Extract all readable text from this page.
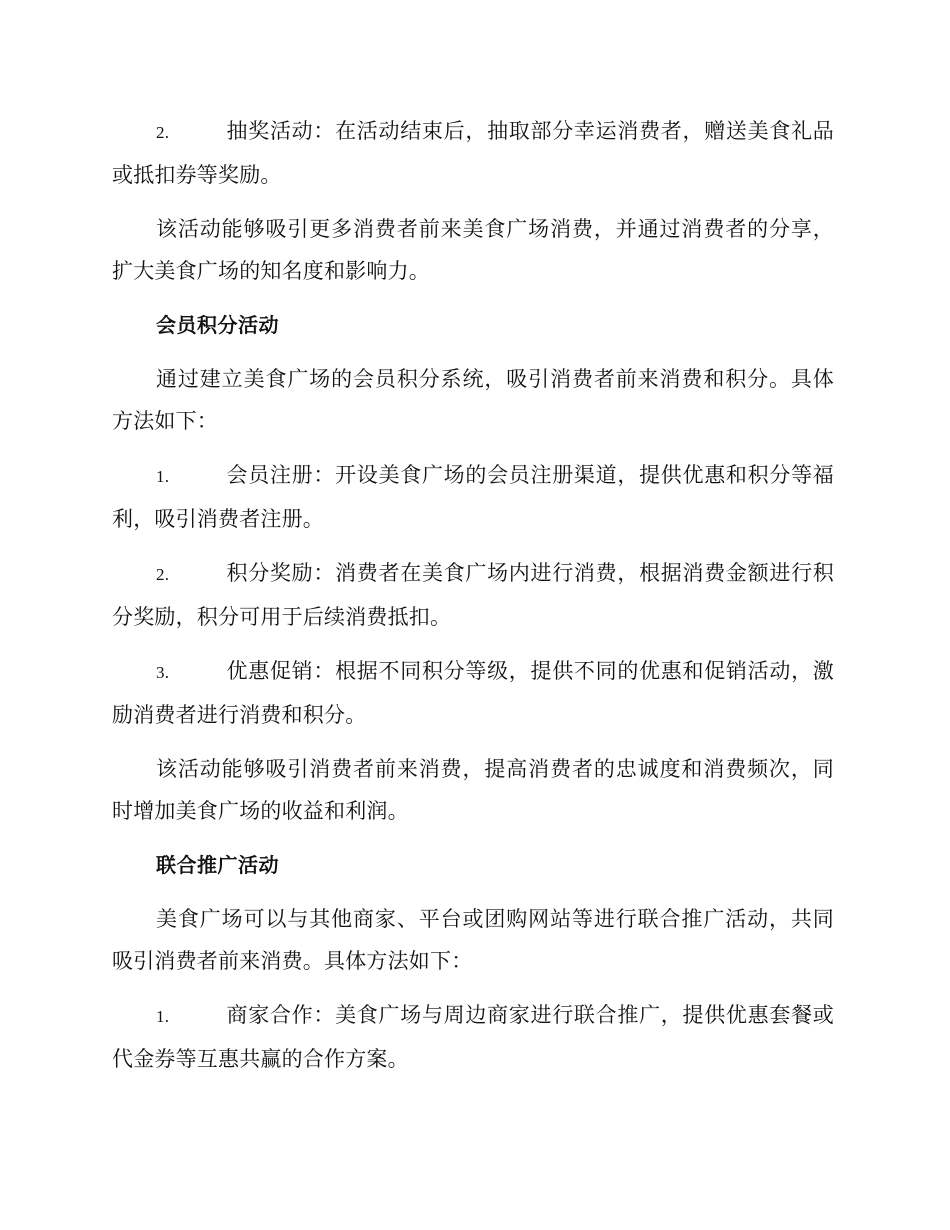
2.	抽奖活动：在活动结束后，抽取部分幸运消费者，赠送美食礼品或抵扣券等奖励。

该活动能够吸引更多消费者前来美食广场消费，并通过消费者的分享，扩大美食广场的知名度和影响力。

会员积分活动

通过建立美食广场的会员积分系统，吸引消费者前来消费和积分。具体方法如下：

1.	会员注册：开设美食广场的会员注册渠道，提供优惠和积分等福利，吸引消费者注册。

2.	积分奖励：消费者在美食广场内进行消费，根据消费金额进行积分奖励，积分可用于后续消费抵扣。

3.	优惠促销：根据不同积分等级，提供不同的优惠和促销活动，激励消费者进行消费和积分。

该活动能够吸引消费者前来消费，提高消费者的忠诚度和消费频次，同时增加美食广场的收益和利润。

联合推广活动

美食广场可以与其他商家、平台或团购网站等进行联合推广活动，共同吸引消费者前来消费。具体方法如下：

1.	商家合作：美食广场与周边商家进行联合推广，提供优惠套餐或代金券等互惠共赢的合作方案。
